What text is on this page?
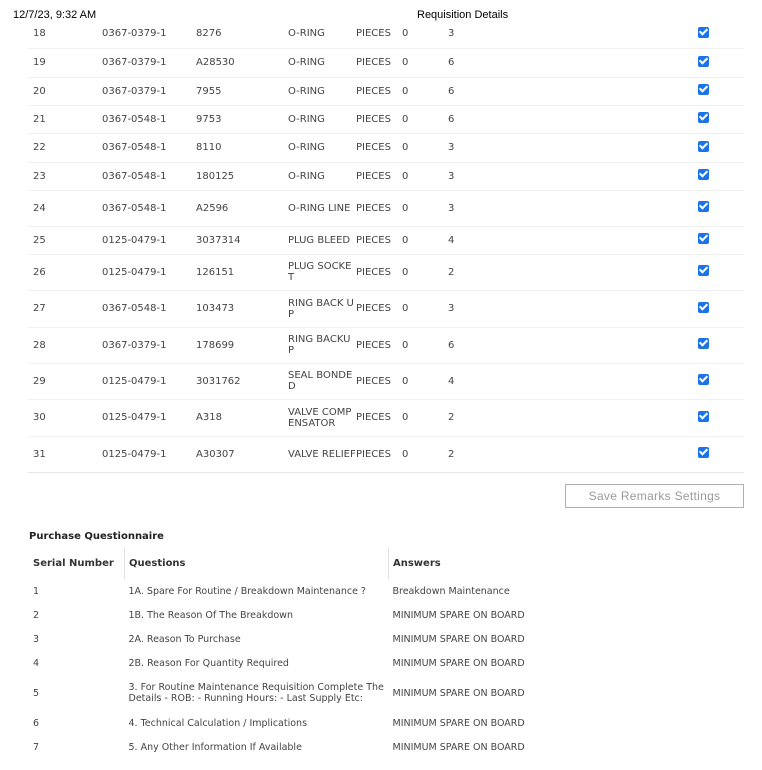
12/7/23, 9:32 AM	Requisition Details
18	0367-0379-1	8276	O-RING	PIECES	0	3	
19	0367-0379-1	A28530	O-RING	PIECES	0	6	
20	0367-0379-1	7955	O-RING	PIECES	0	6	
21	0367-0548-1	9753	O-RING	PIECES	0	6	
22	0367-0548-1	8110	O-RING	PIECES	0	3	
23	0367-0548-1	180125	O-RING	PIECES	0	3	
24	0367-0548-1	A2596	O-RING LINE	PIECES	0	3	
25	0125-0479-1	3037314	PLUG BLEED	PIECES	0	4	
26	0125-0479-1	126151	PLUG SOCKET	PIECES	0	2	
27	0367-0548-1	103473	RING BACK UP	PIECES	0	3	
28	0367-0379-1	178699	RING BACKUP	PIECES	0	6	
29	0125-0479-1	3031762	SEAL BONDED	PIECES	0	4	
30	0125-0479-1	A318	VALVE COMPENSATOR	PIECES	0	2	
31	0125-0479-1	A30307	VALVE RELIEF	PIECES	0	2	
Save Remarks Settings
Purchase Questionnaire
Serial Number	Questions	Answers
1	1A. Spare For Routine / Breakdown Maintenance ?	Breakdown Maintenance
2	1B. The Reason Of The Breakdown	MINIMUM SPARE ON BOARD
3	2A. Reason To Purchase	MINIMUM SPARE ON BOARD
4	2B. Reason For Quantity Required	MINIMUM SPARE ON BOARD
5	3. For Routine Maintenance Requisition Complete The Details - ROB: - Running Hours: - Last Supply Etc:	MINIMUM SPARE ON BOARD
6	4. Technical Calculation / Implications	MINIMUM SPARE ON BOARD
7	5. Any Other Information If Available	MINIMUM SPARE ON BOARD
